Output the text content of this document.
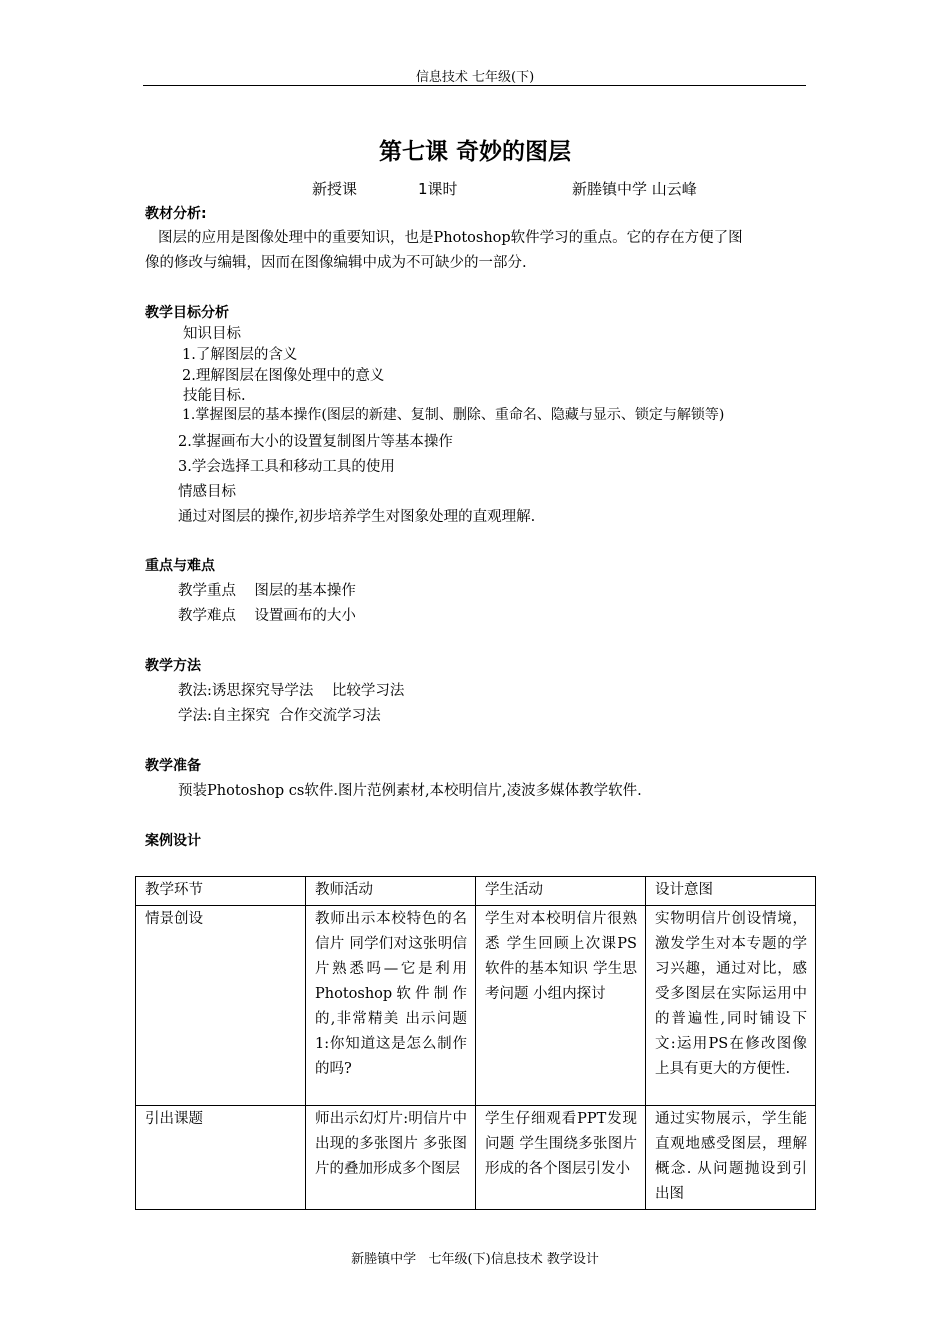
信息技术 七年级(下)
第七课 奇妙的图层
新授课	1课时	新塍镇中学 山云峰
教材分析:
图层的应用是图像处理中的重要知识，也是Photoshop软件学习的重点。它的存在方便了图
像的修改与编辑，因而在图像编辑中成为不可缺少的一部分.
教学目标分析
知识目标
1.了解图层的含义
2.理解图层在图像处理中的意义
技能目标.
1.掌握图层的基本操作(图层的新建、复制、删除、重命名、隐藏与显示、锁定与解锁等)
2.掌握画布大小的设置复制图片等基本操作
3.学会选择工具和移动工具的使用
情感目标
通过对图层的操作,初步培养学生对图象处理的直观理解.
重点与难点
教学重点    图层的基本操作
教学难点    设置画布的大小
教学方法
教法:诱思探究导学法    比较学习法
学法:自主探究  合作交流学习法
教学准备
预装Photoshop cs软件.图片范例素材,本校明信片,凌波多媒体教学软件.
案例设计
教学环节	教师活动	学生活动	设计意图
情景创设	教师出示本校特色的名信片 同学们对这张明信片熟悉吗—它是利用Photoshop软件制作的,非常精美 出示问题1:你知道这是怎么制作的吗?	学生对本校明信片很熟悉 学生回顾上次课PS软件的基本知识 学生思考问题 小组内探讨	实物明信片创设情境，激发学生对本专题的学习兴趣，通过对比，感受多图层在实际运用中的普遍性,同时铺设下文:运用PS在修改图像上具有更大的方便性.
引出课题	师出示幻灯片:明信片中出现的多张图片 多张图片的叠加形成多个图层	学生仔细观看PPT发现问题 学生围绕多张图片形成的各个图层引发小	通过实物展示，学生能直观地感受图层，理解概念. 从问题抛设到引出图
新塍镇中学   七年级(下)信息技术 教学设计
